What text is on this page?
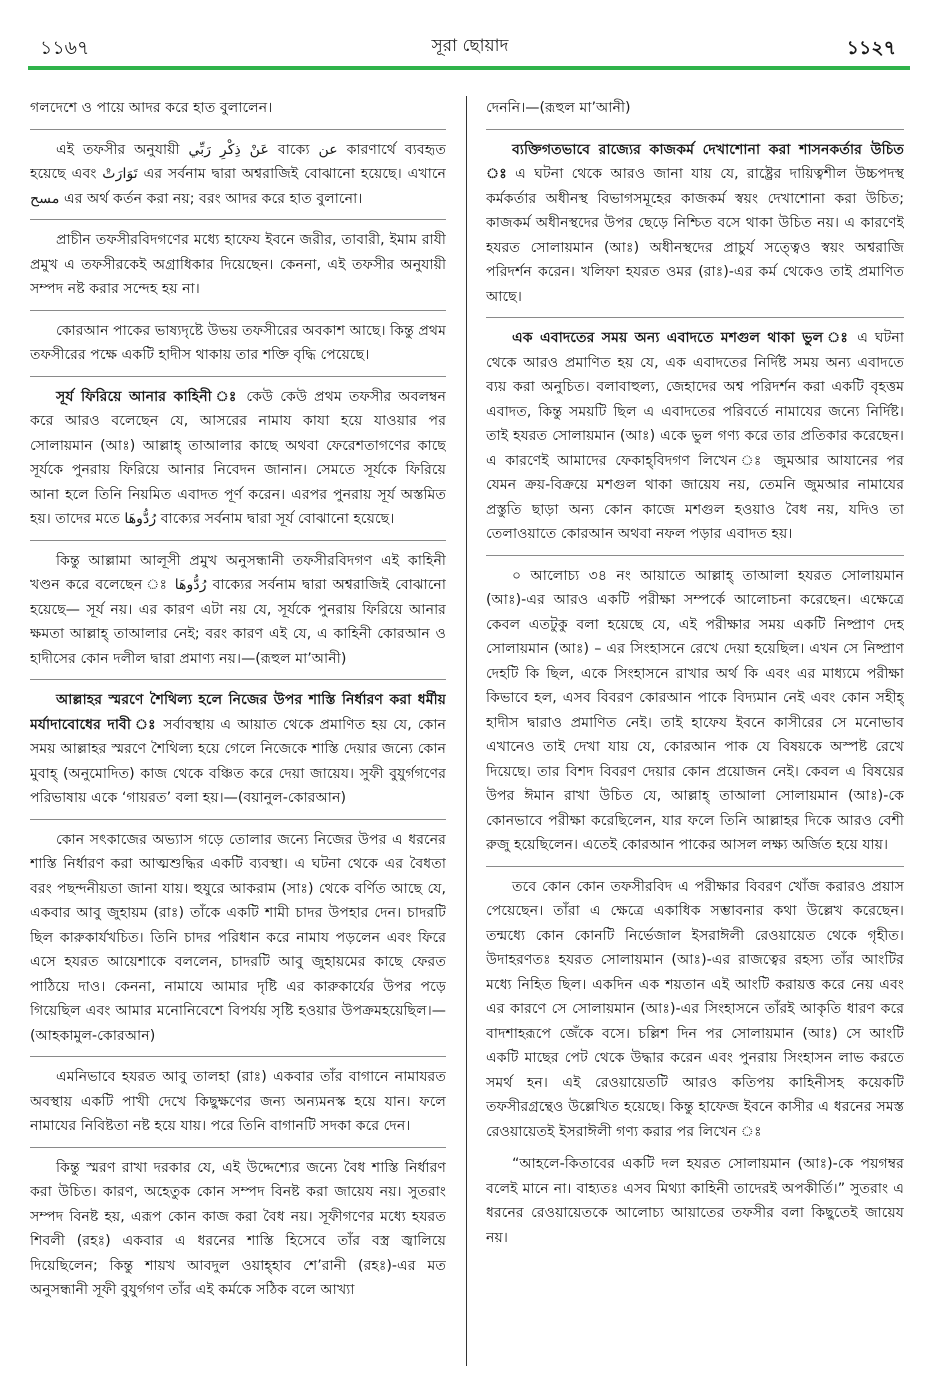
১১৬৭	সূরা ছোয়াদ	১১২৭

গলদেশে ও পায়ে আদর করে হাত বুলালেন।

এই তফসীর অনুযায়ী عَنْ ذِكْرِ رَبِّي বাক্যে عن কারণার্থে ব্যবহৃত হয়েছে এবং تَوَارَتْ এর সর্বনাম দ্বারা অশ্বরাজিই বোঝানো হয়েছে। এখানে مسح এর অর্থ কর্তন করা নয়; বরং আদর করে হাত বুলানো।

প্রাচীন তফসীরবিদগণের মধ্যে হাফেয ইবনে জরীর, তাবারী, ইমাম রাযী প্রমুখ এ তফসীরকেই অগ্রাধিকার দিয়েছেন। কেননা, এই তফসীর অনুযায়ী সম্পদ নষ্ট করার সন্দেহ হয় না।

কোরআন পাকের ভাষ্যদৃষ্টে উভয় তফসীরের অবকাশ আছে। কিন্তু প্রথম তফসীরের পক্ষে একটি হাদীস থাকায় তার শক্তি বৃদ্ধি পেয়েছে।

সূর্য ফিরিয়ে আনার কাহিনী ঃ কেউ কেউ প্রথম তফসীর অবলম্বন করে আরও বলেছেন যে, আসরের নামায কাযা হয়ে যাওয়ার পর সোলায়মান (আঃ) আল্লাহ্ তাআলার কাছে অথবা ফেরেশতাগণের কাছে সূর্যকে পুনরায় ফিরিয়ে আনার নিবেদন জানান। সেমতে সূর্যকে ফিরিয়ে আনা হলে তিনি নিয়মিত এবাদত পূর্ণ করেন। এরপর পুনরায় সূর্য অস্তমিত হয়। তাদের মতে رُدُّوهَا বাক্যের সর্বনাম দ্বারা সূর্য বোঝানো হয়েছে।

কিন্তু আল্লামা আলূসী প্রমুখ অনুসন্ধানী তফসীরবিদগণ এই কাহিনী খণ্ডন করে বলেছেন ঃ رُدُّوهَا বাক্যের সর্বনাম দ্বারা অশ্বরাজিই বোঝানো হয়েছে— সূর্য নয়। এর কারণ এটা নয় যে, সূর্যকে পুনরায় ফিরিয়ে আনার ক্ষমতা আল্লাহ্ তাআলার নেই; বরং কারণ এই যে, এ কাহিনী কোরআন ও হাদীসের কোন দলীল দ্বারা প্রমাণ্য নয়।—(রূহুল মা’আনী)

আল্লাহর স্মরণে শৈথিল্য হলে নিজের উপর শাস্তি নির্ধারণ করা ধর্মীয় মর্যাদাবোধের দাবী ঃ সর্বাবস্থায় এ আয়াত থেকে প্রমাণিত হয় যে, কোন সময় আল্লাহর স্মরণে শৈথিল্য হয়ে গেলে নিজেকে শাস্তি দেয়ার জন্যে কোন মুবাহ্ (অনুমোদিত) কাজ থেকে বঞ্চিত করে দেয়া জায়েয। সুফী বুযুর্গগণের পরিভাষায় একে ‘গায়রত’ বলা হয়।—(বয়ানুল-কোরআন)

কোন সৎকাজের অভ্যাস গড়ে তোলার জন্যে নিজের উপর এ ধরনের শাস্তি নির্ধারণ করা আত্মশুদ্ধির একটি ব্যবস্থা। এ ঘটনা থেকে এর বৈধতা বরং পছন্দনীয়তা জানা যায়। হুযুরে আকরাম (সাঃ) থেকে বর্ণিত আছে যে, একবার আবু জুহায়ম (রাঃ) তাঁকে একটি শামী চাদর উপহার দেন। চাদরটি ছিল কারুকার্যখচিত। তিনি চাদর পরিধান করে নামায পড়লেন এবং ফিরে এসে হযরত আয়েশাকে বললেন, চাদরটি আবু জুহায়মের কাছে ফেরত পাঠিয়ে দাও। কেননা, নামাযে আমার দৃষ্টি এর কারুকার্যের উপর পড়ে গিয়েছিল এবং আমার মনোনিবেশে বিপর্যয় সৃষ্টি হওয়ার উপক্রমহয়েছিল।—(আহকামুল-কোরআন)

এমনিভাবে হযরত আবু তালহা (রাঃ) একবার তাঁর বাগানে নামাযরত অবস্থায় একটি পাখী দেখে কিছুক্ষণের জন্য অন্যমনস্ক হয়ে যান। ফলে নামাযের নিবিষ্টতা নষ্ট হয়ে যায়। পরে তিনি বাগানটি সদকা করে দেন।

কিন্তু স্মরণ রাখা দরকার যে, এই উদ্দেশ্যের জন্যে বৈধ শাস্তি নির্ধারণ করা উচিত। কারণ, অহেতুক কোন সম্পদ বিনষ্ট করা জায়েয নয়। সুতরাং সম্পদ বিনষ্ট হয়, এরূপ কোন কাজ করা বৈধ নয়। সূফীগণের মধ্যে হযরত শিবলী (রহঃ) একবার এ ধরনের শাস্তি হিসেবে তাঁর বস্ত্র জ্বালিয়ে দিয়েছিলেন; কিন্তু শায়খ আবদুল ওয়াহ্‌হাব শে’রানী (রহঃ)-এর মত অনুসন্ধানী সূফী বুযুর্গগণ তাঁর এই কর্মকে সঠিক বলে আখ্যা

দেননি।—(রূহুল মা’আনী)

ব্যক্তিগতভাবে রাজ্যের কাজকর্ম দেখাশোনা করা শাসনকর্তার উচিত ঃ এ ঘটনা থেকে আরও জানা যায় যে, রাষ্ট্রের দায়িত্বশীল উচ্চপদস্থ কর্মকর্তার অধীনস্থ বিভাগসমূহের কাজকর্ম স্বয়ং দেখাশোনা করা উচিত; কাজকর্ম অধীনস্থদের উপর ছেড়ে নিশ্চিত বসে থাকা উচিত নয়। এ কারণেই হযরত সোলায়মান (আঃ) অধীনস্থদের প্রাচুর্য সত্ত্বেও স্বয়ং অশ্বরাজি পরিদর্শন করেন। খলিফা হযরত ওমর (রাঃ)-এর কর্ম থেকেও তাই প্রমাণিত আছে।

এক এবাদতের সময় অন্য এবাদতে মশগুল থাকা ভুল ঃ এ ঘটনা থেকে আরও প্রমাণিত হয় যে, এক এবাদতের নির্দিষ্ট সময় অন্য এবাদতে ব্যয় করা অনুচিত। বলাবাহুল্য, জেহাদের অশ্ব পরিদর্শন করা একটি বৃহত্তম এবাদত, কিন্তু সময়টি ছিল এ এবাদতের পরিবর্তে নামাযের জন্যে নির্দিষ্ট। তাই হযরত সোলায়মান (আঃ) একে ভুল গণ্য করে তার প্রতিকার করেছেন। এ কারণেই আমাদের ফেকাহ্‌বিদগণ লিখেন ঃ জুমআর আযানের পর যেমন ক্রয়-বিক্রয়ে মশগুল থাকা জায়েয নয়, তেমনি জুমআর নামাযের প্রস্তুতি ছাড়া অন্য কোন কাজে মশগুল হওয়াও বৈধ নয়, যদিও তা তেলাওয়াতে কোরআন অথবা নফল পড়ার এবাদত হয়।

০ আলোচ্য ৩৪ নং আয়াতে আল্লাহ্ তাআলা হযরত সোলায়মান (আঃ)-এর আরও একটি পরীক্ষা সম্পর্কে আলোচনা করেছেন। এক্ষেত্রে কেবল এতটুকু বলা হয়েছে যে, এই পরীক্ষার সময় একটি নিষ্প্রাণ দেহ সোলায়মান (আঃ) – এর সিংহাসনে রেখে দেয়া হয়েছিল। এখন সে নিষ্প্রাণ দেহটি কি ছিল, একে সিংহাসনে রাখার অর্থ কি এবং এর মাধ্যমে পরীক্ষা কিভাবে হল, এসব বিবরণ কোরআন পাকে বিদ্যমান নেই এবং কোন সহীহ্ হাদীস দ্বারাও প্রমাণিত নেই। তাই হাফেয ইবনে কাসীরের সে মনোভাব এখানেও তাই দেখা যায় যে, কোরআন পাক যে বিষয়কে অস্পষ্ট রেখে দিয়েছে। তার বিশদ বিবরণ দেয়ার কোন প্রয়োজন নেই। কেবল এ বিষয়ের উপর ঈমান রাখা উচিত যে, আল্লাহ্ তাআলা সোলায়মান (আঃ)-কে কোনভাবে পরীক্ষা করেছিলেন, যার ফলে তিনি আল্লাহর দিকে আরও বেশী রুজু হয়েছিলেন। এতেই কোরআন পাকের আসল লক্ষ্য অর্জিত হয়ে যায়।

তবে কোন কোন তফসীরবিদ এ পরীক্ষার বিবরণ খোঁজ করারও প্রয়াস পেয়েছেন। তাঁরা এ ক্ষেত্রে একাধিক সম্ভাবনার কথা উল্লেখ করেছেন। তন্মধ্যে কোন কোনটি নির্ভেজাল ইসরাঈলী রেওয়ায়েত থেকে গৃহীত। উদাহরণতঃ হযরত সোলায়মান (আঃ)-এর রাজত্বের রহস্য তাঁর আংটির মধ্যে নিহিত ছিল। একদিন এক শয়তান এই আংটি করায়ত্ত করে নেয় এবং এর কারণে সে সোলায়মান (আঃ)-এর সিংহাসনে তাঁরই আকৃতি ধারণ করে বাদশাহরূপে জেঁকে বসে। চল্লিশ দিন পর সোলায়মান (আঃ) সে আংটি একটি মাছের পেট থেকে উদ্ধার করেন এবং পুনরায় সিংহাসন লাভ করতে সমর্থ হন। এই রেওয়ায়েতটি আরও কতিপয় কাহিনীসহ কয়েকটি তফসীরগ্রন্থেও উল্লেখিত হয়েছে। কিন্তু হাফেজ ইবনে কাসীর এ ধরনের সমস্ত রেওয়ায়েতই ইসরাঈলী গণ্য করার পর লিখেন ঃ

“আহলে-কিতাবের একটি দল হযরত সোলায়মান (আঃ)-কে পয়গম্বর বলেই মানে না। বাহ্যতঃ এসব মিথ্যা কাহিনী তাদেরই অপকীর্তি।” সুতরাং এ ধরনের রেওয়ায়েতকে আলোচ্য আয়াতের তফসীর বলা কিছুতেই জায়েয নয়।
